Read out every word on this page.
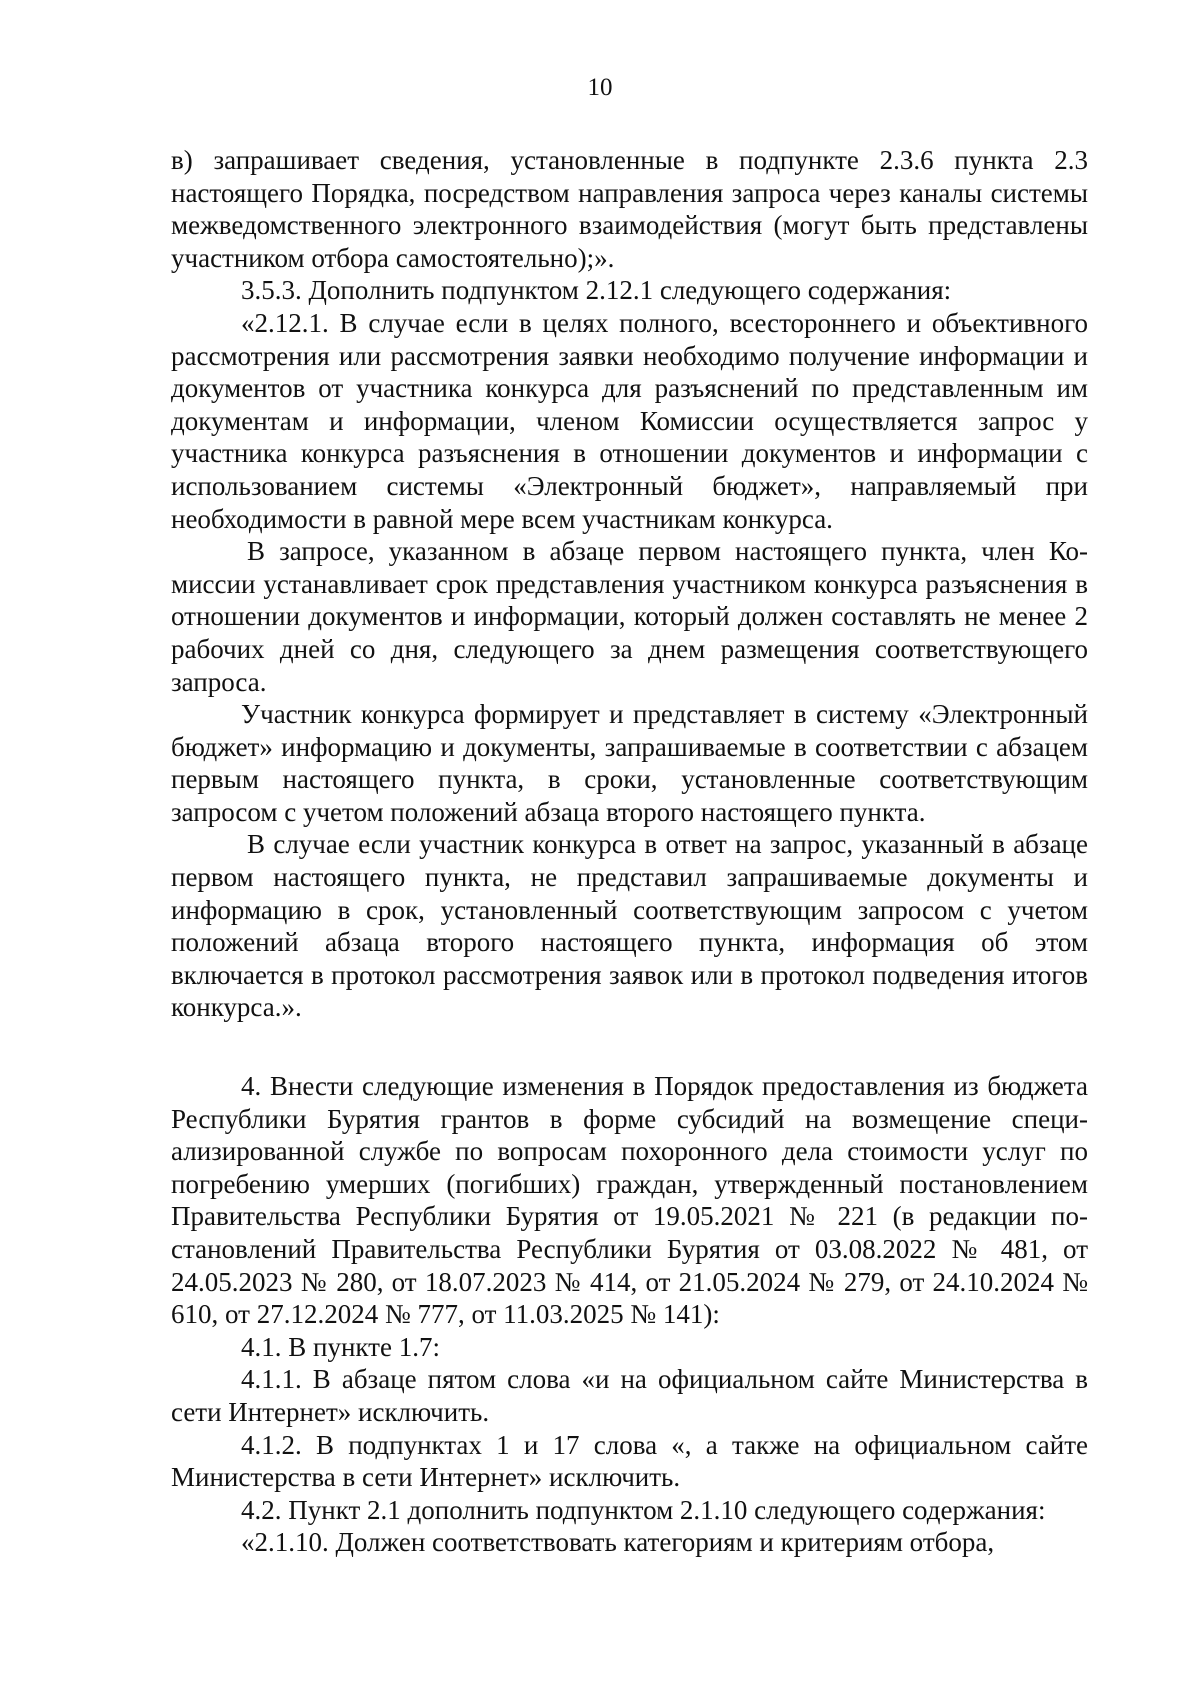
10

в) запрашивает сведения, установленные в подпункте 2.3.6 пункта 2.3 настоящего Порядка, посредством направления запроса через каналы системы межведомственного электронного взаимодействия (могут быть представлены участником отбора самостоятельно);».

3.5.3. Дополнить подпунктом 2.12.1 следующего содержания:

«2.12.1. В случае если в целях полного, всестороннего и объективного рассмотрения или рассмотрения заявки необходимо получение информации и документов от участника конкурса для разъяснений по представленным им документам и информации, членом Комиссии осуществляется запрос у участника конкурса разъяснения в отношении документов и информации с использованием системы «Электронный бюджет», направляемый при необходимости в равной мере всем участникам конкурса.

В запросе, указанном в абзаце первом настоящего пункта, член Комиссии устанавливает срок представления участником конкурса разъяснения в отношении документов и информации, который должен составлять не менее 2 рабочих дней со дня, следующего за днем размещения соответствующего запроса.

Участник конкурса формирует и представляет в систему «Электронный бюджет» информацию и документы, запрашиваемые в соответствии с абзацем первым настоящего пункта, в сроки, установленные соответствующим запросом с учетом положений абзаца второго настоящего пункта.

В случае если участник конкурса в ответ на запрос, указанный в абзаце первом настоящего пункта, не представил запрашиваемые документы и информацию в срок, установленный соответствующим запросом с учетом положений абзаца второго настоящего пункта, информация об этом включается в протокол рассмотрения заявок или в протокол подведения итогов конкурса.».

4. Внести следующие изменения в Порядок предоставления из бюджета Республики Бурятия грантов в форме субсидий на возмещение специализированной службе по вопросам похоронного дела стоимости услуг по погребению умерших (погибших) граждан, утвержденный постановлением Правительства Республики Бурятия от 19.05.2021 № 221 (в редакции постановлений Правительства Республики Бурятия от 03.08.2022 № 481, от 24.05.2023 № 280, от 18.07.2023 № 414, от 21.05.2024 № 279, от 24.10.2024 № 610, от 27.12.2024 № 777, от 11.03.2025 № 141):

4.1. В пункте 1.7:

4.1.1. В абзаце пятом слова «и на официальном сайте Министерства в сети Интернет» исключить.

4.1.2. В подпунктах 1 и 17 слова «, а также на официальном сайте Министерства в сети Интернет» исключить.

4.2. Пункт 2.1 дополнить подпунктом 2.1.10 следующего содержания:

«2.1.10. Должен соответствовать категориям и критериям отбора,
